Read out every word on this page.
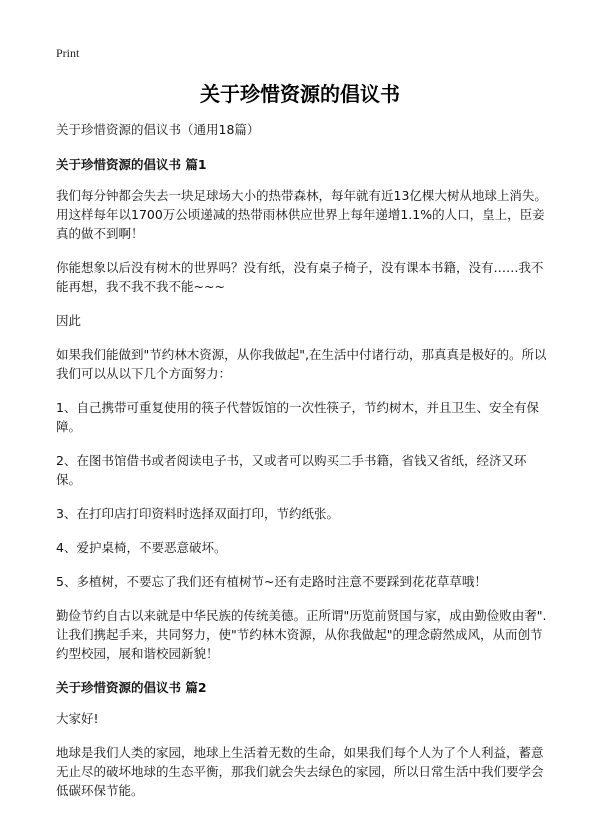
Print
关于珍惜资源的倡议书

关于珍惜资源的倡议书（通用18篇）

关于珍惜资源的倡议书 篇1

我们每分钟都会失去一块足球场大小的热带森林，每年就有近13亿棵大树从地球上消失。 用这样每年以1700万公顷递减的热带雨林供应世界上每年递增1.1%的人口，皇上，臣妾真的做不到啊！

你能想象以后没有树木的世界吗？没有纸，没有桌子椅子，没有课本书籍，没有……我不能再想，我不我不我不能~~~

因此

如果我们能做到"节约林木资源，从你我做起",在生活中付诸行动，那真真是极好的。所以我们可以从以下几个方面努力：

1、自己携带可重复使用的筷子代替饭馆的一次性筷子，节约树木，并且卫生、安全有保障。

2、在图书馆借书或者阅读电子书，又或者可以购买二手书籍，省钱又省纸，经济又环保。

3、在打印店打印资料时选择双面打印，节约纸张。

4、爱护桌椅，不要恶意破坏。

5、多植树，不要忘了我们还有植树节~还有走路时注意不要踩到花花草草哦！

勤俭节约自古以来就是中华民族的传统美德。正所谓"历览前贤国与家，成由勤俭败由奢".让我们携起手来，共同努力，使"节约林木资源，从你我做起"的理念蔚然成风，从而创节约型校园，展和谐校园新貌！

关于珍惜资源的倡议书 篇2

大家好!

地球是我们人类的家园，地球上生活着无数的生命，如果我们每个人为了个人利益，蓄意无止尽的破坏地球的生态平衡，那我们就会失去绿色的家园，所以日常生活中我们要学会低碳环保节能。
